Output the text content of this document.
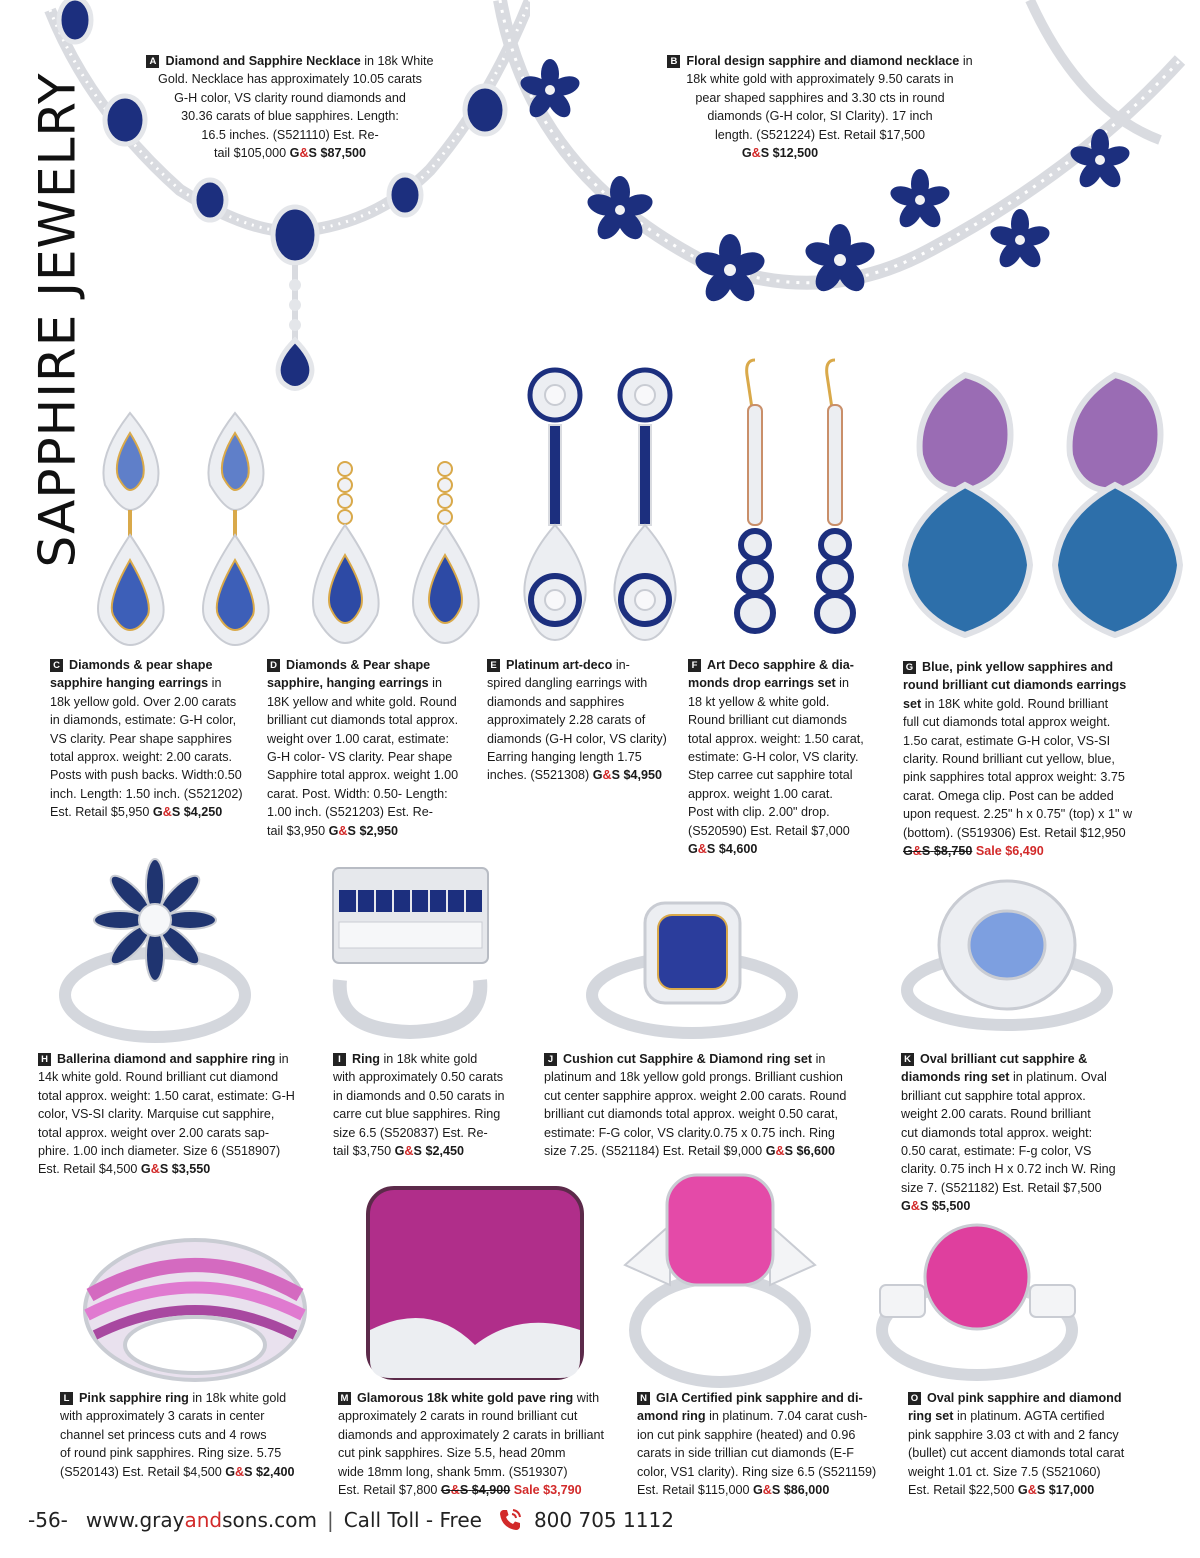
SAPPHIRE JEWELRY
A Diamond and Sapphire Necklace in 18k White
Gold. Necklace has approximately 10.05 carats
G-H color, VS clarity round diamonds and
30.36 carats of blue sapphires. Length:
16.5 inches. (S521110) Est. Re-
tail $105,000 G&S $87,500
B Floral design sapphire and diamond necklace in
18k white gold with approximately 9.50 carats in
pear shaped sapphires and 3.30 cts in round
diamonds (G-H color, SI Clarity). 17 inch
length. (S521224) Est. Retail $17,500
G&S $12,500
C Diamonds & pear shape
sapphire hanging earrings in
18k yellow gold. Over 2.00 carats
in diamonds, estimate: G-H color,
VS clarity. Pear shape sapphires
total approx. weight: 2.00 carats.
Posts with push backs. Width:0.50
inch. Length: 1.50 inch. (S521202)
Est. Retail $5,950 G&S $4,250
D Diamonds & Pear shape
sapphire, hanging earrings in
18K yellow and white gold. Round
brilliant cut diamonds total approx.
weight over 1.00 carat, estimate:
G-H color- VS clarity. Pear shape
Sapphire total approx. weight 1.00
carat. Post. Width: 0.50- Length:
1.00 inch. (S521203) Est. Re-
tail $3,950 G&S $2,950
E Platinum art-deco in-
spired dangling earrings with
diamonds and sapphires
approximately 2.28 carats of
diamonds (G-H color, VS clarity)
Earring hanging length 1.75
inches. (S521308) G&S $4,950
F Art Deco sapphire & dia-
monds drop earrings set in
18 kt yellow & white gold.
Round brilliant cut diamonds
total approx. weight: 1.50 carat,
estimate: G-H color, VS clarity.
Step carree cut sapphire total
approx. weight 1.00 carat.
Post with clip. 2.00" drop.
(S520590) Est. Retail $7,000
G&S $4,600
G Blue, pink yellow sapphires and
round brilliant cut diamonds earrings
set in 18K white gold. Round brilliant
full cut diamonds total approx weight.
1.5o carat, estimate G-H color, VS-SI
clarity. Round brilliant cut yellow, blue,
pink sapphires total approx weight: 3.75
carat. Omega clip. Post can be added
upon request. 2.25" h x 0.75" (top) x 1" w
(bottom). (S519306) Est. Retail $12,950
G&S $8,750 Sale $6,490
H Ballerina diamond and sapphire ring in
14k white gold. Round brilliant cut diamond
total approx. weight: 1.50 carat, estimate: G-H
color, VS-SI clarity. Marquise cut sapphire,
total approx. weight over 2.00 carats sap-
phire. 1.00 inch diameter. Size 6 (S518907)
Est. Retail $4,500 G&S $3,550
I Ring in 18k white gold
with approximately 0.50 carats
in diamonds and 0.50 carats in
carre cut blue sapphires. Ring
size 6.5 (S520837) Est. Re-
tail $3,750 G&S $2,450
J Cushion cut Sapphire & Diamond ring set in
platinum and 18k yellow gold prongs. Brilliant cushion
cut center sapphire approx. weight 2.00 carats. Round
brilliant cut diamonds total approx. weight 0.50 carat,
estimate: F-G color, VS clarity.0.75 x 0.75 inch. Ring
size 7.25. (S521184) Est. Retail $9,000 G&S $6,600
K Oval brilliant cut sapphire &
diamonds ring set in platinum. Oval
brilliant cut sapphire total approx.
weight 2.00 carats. Round brilliant
cut diamonds total approx. weight:
0.50 carat, estimate: F-g color, VS
clarity. 0.75 inch H x 0.72 inch W. Ring
size 7. (S521182) Est. Retail $7,500
G&S $5,500
L Pink sapphire ring in 18k white gold
with approximately 3 carats in center
channel set princess cuts and 4 rows
of round pink sapphires. Ring size. 5.75
(S520143) Est. Retail $4,500 G&S $2,400
M Glamorous 18k white gold pave ring with
approximately 2 carats in round brilliant cut
diamonds and approximately 2 carats in brilliant
cut pink sapphires. Size 5.5, head 20mm
wide 18mm long, shank 5mm. (S519307)
Est. Retail $7,800 G&S $4,900 Sale $3,790
N GIA Certified pink sapphire and di-
amond ring in platinum. 7.04 carat cush-
ion cut pink sapphire (heated) and 0.96
carats in side trillian cut diamonds (E-F
color, VS1 clarity). Ring size 6.5 (S521159)
Est. Retail $115,000 G&S $86,000
O Oval pink sapphire and diamond
ring set in platinum. AGTA certified
pink sapphire 3.03 ct with and 2 fancy
(bullet) cut accent diamonds total carat
weight 1.01 ct. Size 7.5 (S521060)
Est. Retail $22,500 G&S $17,000
-56- www.grayandsons.com | Call Toll - Free	800 705 1112
